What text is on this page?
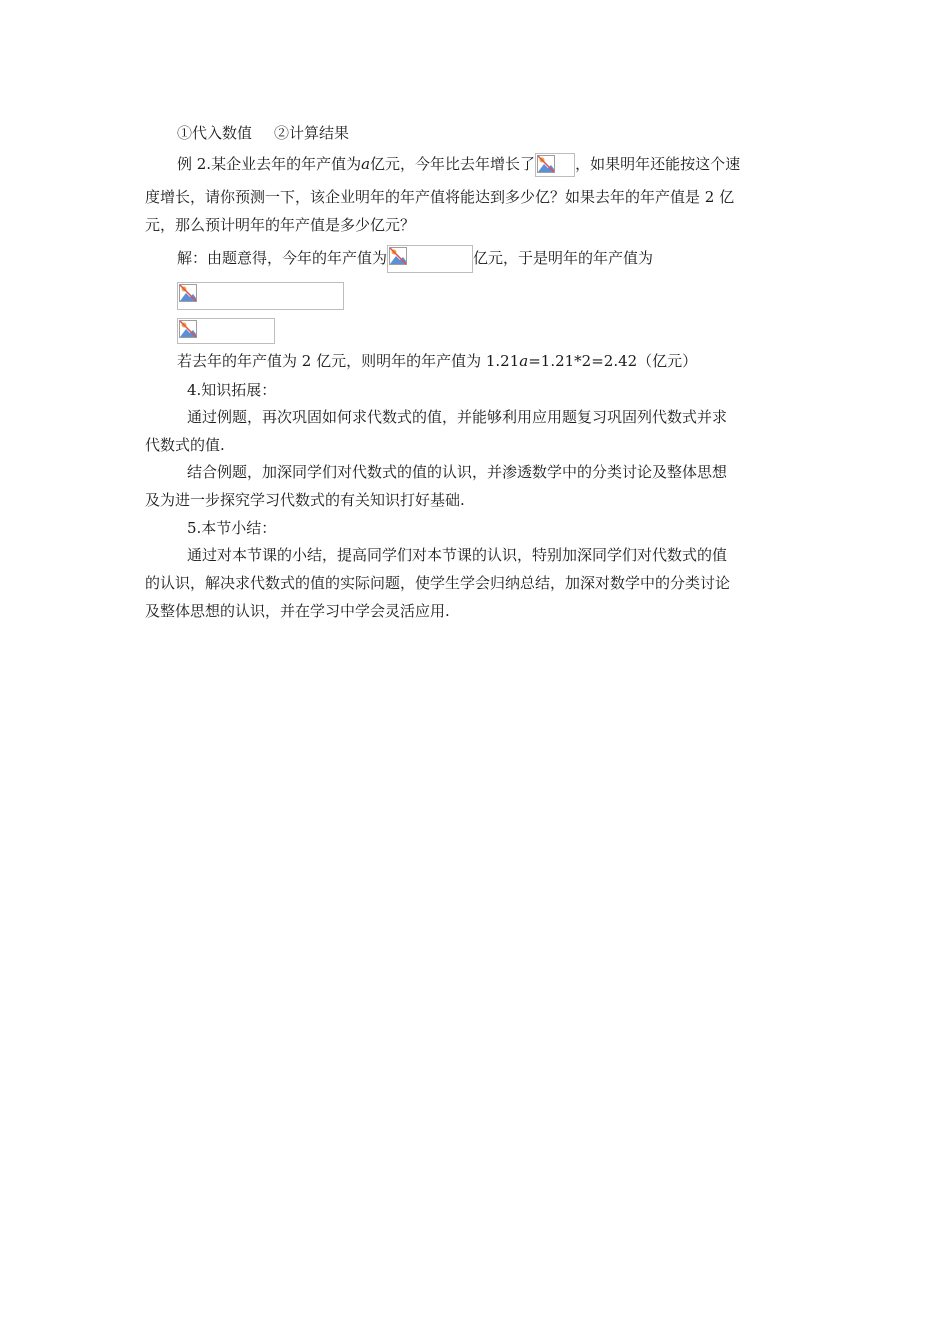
①代入数值 ②计算结果
例 2.某企业去年的年产值为a亿元，今年比去年增长了	，如果明年还能按这个速
度增长，请你预测一下，该企业明年的年产值将能达到多少亿？如果去年的年产值是 2 亿
元，那么预计明年的年产值是多少亿元？
解：由题意得，今年的年产值为	亿元，于是明年的年产值为
若去年的年产值为 2 亿元，则明年的年产值为 1.21a=1.21*2=2.42（亿元）
4.知识拓展：
通过例题，再次巩固如何求代数式的值，并能够利用应用题复习巩固列代数式并求
代数式的值.
结合例题，加深同学们对代数式的值的认识，并渗透数学中的分类讨论及整体思想
及为进一步探究学习代数式的有关知识打好基础.
5.本节小结：
通过对本节课的小结，提高同学们对本节课的认识，特别加深同学们对代数式的值
的认识，解决求代数式的值的实际问题，使学生学会归纳总结，加深对数学中的分类讨论
及整体思想的认识，并在学习中学会灵活应用.
